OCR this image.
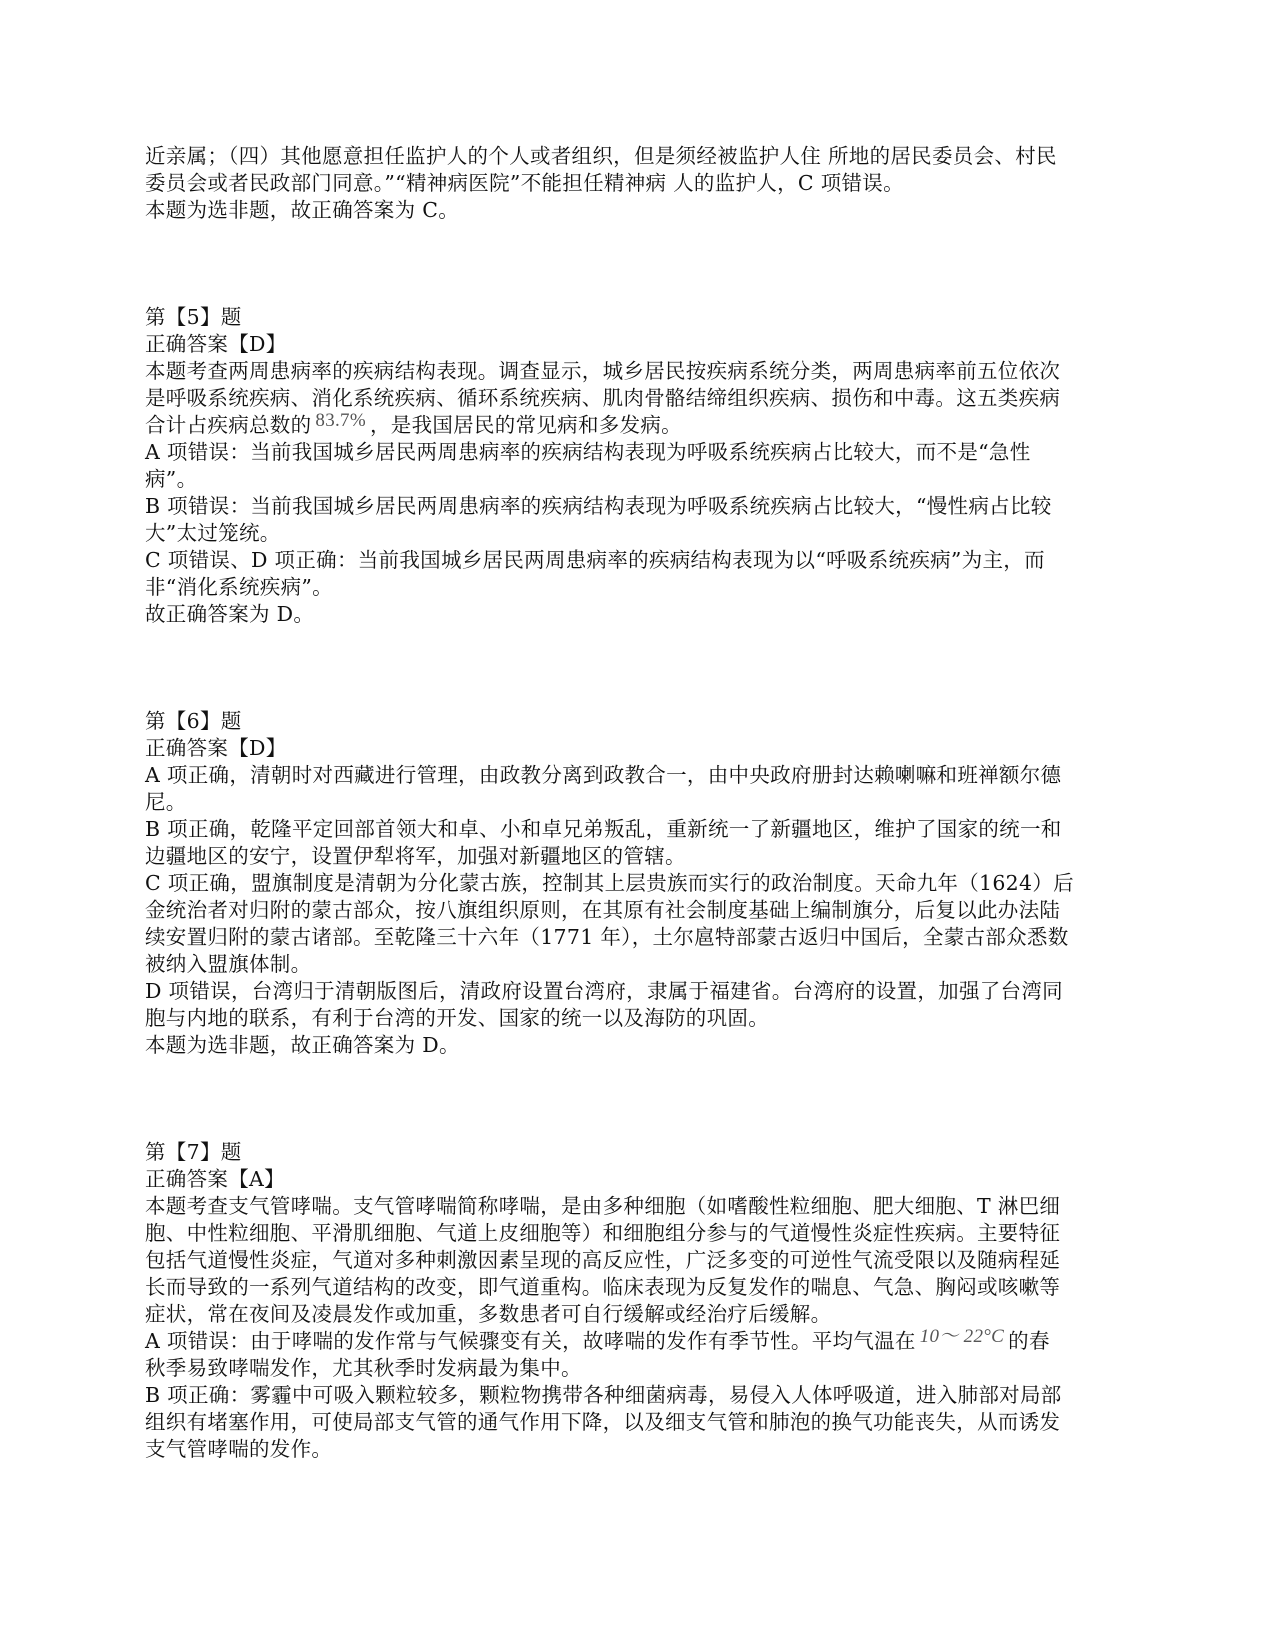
近亲属；（四）其他愿意担任监护人的个人或者组织，但是须经被监护人住 所地的居民委员会、村民
委员会或者民政部门同意。”“精神病医院”不能担任精神病 人的监护人，C 项错误。
本题为选非题，故正确答案为 C。
第【5】题
正确答案【D】
本题考查两周患病率的疾病结构表现。调查显示，城乡居民按疾病系统分类，两周患病率前五位依次
是呼吸系统疾病、消化系统疾病、循环系统疾病、肌肉骨骼结缔组织疾病、损伤和中毒。这五类疾病
合计占疾病总数的 83.7% ，是我国居民的常见病和多发病。
A 项错误：当前我国城乡居民两周患病率的疾病结构表现为呼吸系统疾病占比较大，而不是“急性
病”。
B 项错误：当前我国城乡居民两周患病率的疾病结构表现为呼吸系统疾病占比较大，“慢性病占比较
大”太过笼统。
C 项错误、D 项正确：当前我国城乡居民两周患病率的疾病结构表现为以“呼吸系统疾病”为主，而
非“消化系统疾病”。
故正确答案为 D。
第【6】题
正确答案【D】
A 项正确，清朝时对西藏进行管理，由政教分离到政教合一，由中央政府册封达赖喇嘛和班禅额尔德
尼。
B 项正确，乾隆平定回部首领大和卓、小和卓兄弟叛乱，重新统一了新疆地区，维护了国家的统一和
边疆地区的安宁，设置伊犁将军，加强对新疆地区的管辖。
C 项正确，盟旗制度是清朝为分化蒙古族，控制其上层贵族而实行的政治制度。天命九年（1624）后
金统治者对归附的蒙古部众，按八旗组织原则，在其原有社会制度基础上编制旗分，后复以此办法陆
续安置归附的蒙古诸部。至乾隆三十六年（1771 年），土尔扈特部蒙古返归中国后，全蒙古部众悉数
被纳入盟旗体制。
D 项错误，台湾归于清朝版图后，清政府设置台湾府，隶属于福建省。台湾府的设置，加强了台湾同
胞与内地的联系，有利于台湾的开发、国家的统一以及海防的巩固。
本题为选非题，故正确答案为 D。
第【7】题
正确答案【A】
本题考查支气管哮喘。支气管哮喘简称哮喘，是由多种细胞（如嗜酸性粒细胞、肥大细胞、T 淋巴细
胞、中性粒细胞、平滑肌细胞、气道上皮细胞等）和细胞组分参与的气道慢性炎症性疾病。主要特征
包括气道慢性炎症，气道对多种刺激因素呈现的高反应性，广泛多变的可逆性气流受限以及随病程延
长而导致的一系列气道结构的改变，即气道重构。临床表现为反复发作的喘息、气急、胸闷或咳嗽等
症状，常在夜间及凌晨发作或加重，多数患者可自行缓解或经治疗后缓解。
A 项错误：由于哮喘的发作常与气候骤变有关，故哮喘的发作有季节性。平均气温在 10～ 22°C 的春
秋季易致哮喘发作，尤其秋季时发病最为集中。
B 项正确：雾霾中可吸入颗粒较多，颗粒物携带各种细菌病毒，易侵入人体呼吸道，进入肺部对局部
组织有堵塞作用，可使局部支气管的通气作用下降，以及细支气管和肺泡的换气功能丧失，从而诱发
支气管哮喘的发作。
